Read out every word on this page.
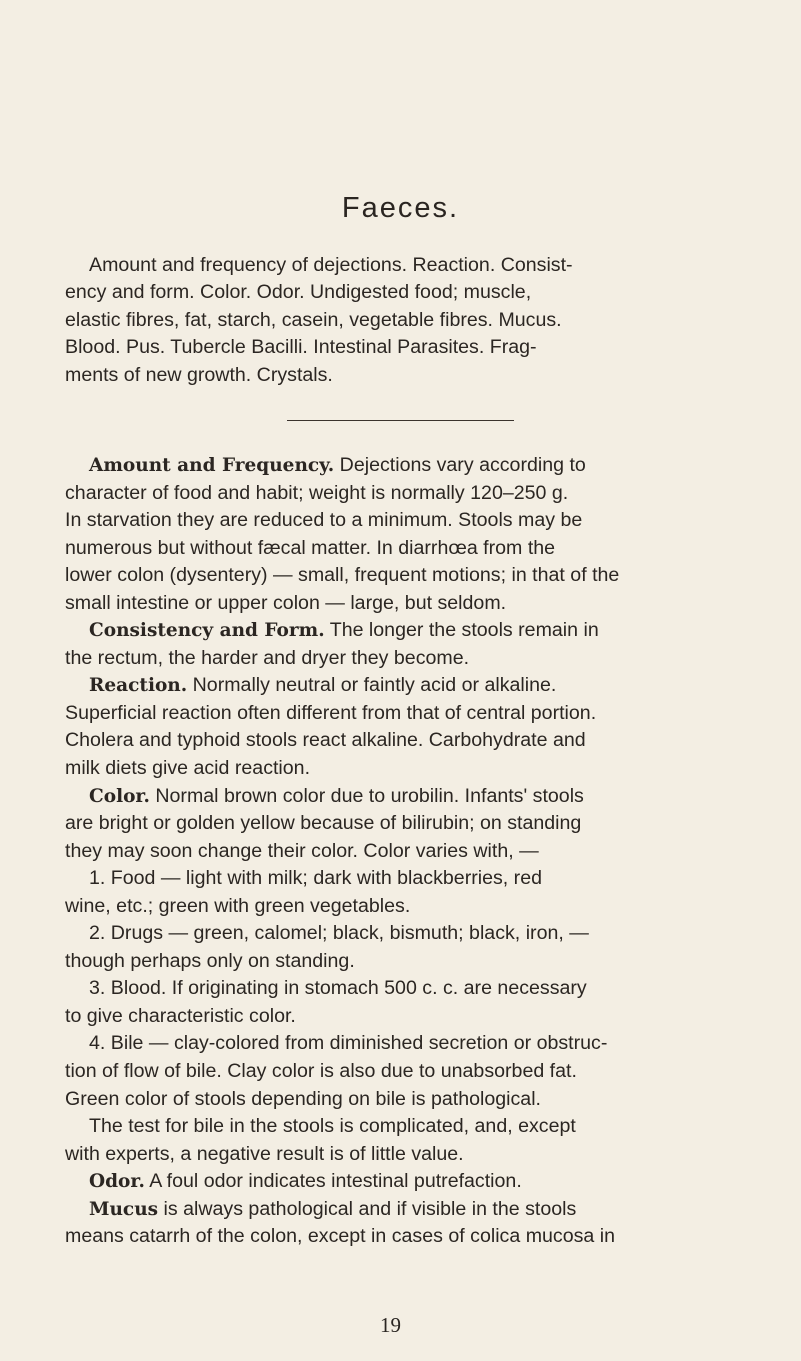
Faeces.
Amount and frequency of dejections. Reaction. Consist-
ency and form. Color. Odor. Undigested food; muscle,
elastic fibres, fat, starch, casein, vegetable fibres. Mucus.
Blood. Pus. Tubercle Bacilli. Intestinal Parasites. Frag-
ments of new growth. Crystals.
Amount and Frequency. Dejections vary according to
character of food and habit; weight is normally 120–250 g.
In starvation they are reduced to a minimum. Stools may be
numerous but without fæcal matter. In diarrhœa from the
lower colon (dysentery) — small, frequent motions; in that of the
small intestine or upper colon — large, but seldom.
Consistency and Form. The longer the stools remain in
the rectum, the harder and dryer they become.
Reaction. Normally neutral or faintly acid or alkaline.
Superficial reaction often different from that of central portion.
Cholera and typhoid stools react alkaline. Carbohydrate and
milk diets give acid reaction.
Color. Normal brown color due to urobilin. Infants' stools
are bright or golden yellow because of bilirubin; on standing
they may soon change their color. Color varies with, —
1. Food — light with milk; dark with blackberries, red
wine, etc.; green with green vegetables.
2. Drugs — green, calomel; black, bismuth; black, iron, —
though perhaps only on standing.
3. Blood. If originating in stomach 500 c. c. are necessary
to give characteristic color.
4. Bile — clay-colored from diminished secretion or obstruc-
tion of flow of bile. Clay color is also due to unabsorbed fat.
Green color of stools depending on bile is pathological.
The test for bile in the stools is complicated, and, except
with experts, a negative result is of little value.
Odor. A foul odor indicates intestinal putrefaction.
Mucus is always pathological and if visible in the stools
means catarrh of the colon, except in cases of colica mucosa in
19
